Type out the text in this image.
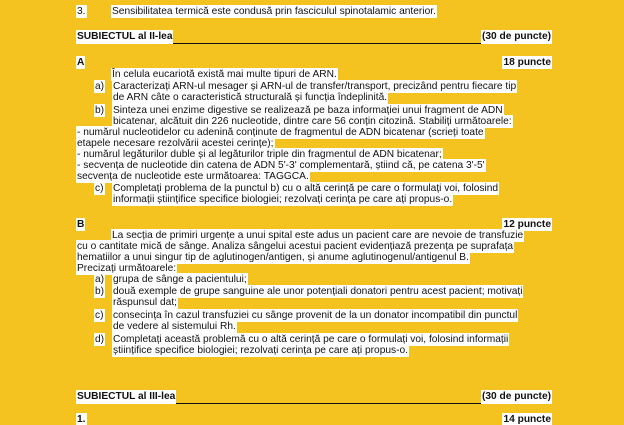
3.	Sensibilitatea termică este condusă prin fasciculul spinotalamic anterior.
SUBIECTUL al II-lea	(30 de puncte)
A	18 puncte
În celula eucariotă există mai multe tipuri de ARN.
a) Caracterizați ARN-ul mesager și ARN-ul de transfer/transport, precizând pentru fiecare tip
de ARN câte o caracteristică structurală și funcția îndeplinită.
b) Sinteza unei enzime digestive se realizează pe baza informației unui fragment de ADN
bicatenar, alcătuit din 226 nucleotide, dintre care 56 conțin citozină. Stabiliți următoarele:
- numărul nucleotidelor cu adenină conținute de fragmentul de ADN bicatenar (scrieți toate
etapele necesare rezolvării acestei cerințe);
- numărul legăturilor duble și al legăturilor triple din fragmentul de ADN bicatenar;
- secvența de nucleotide din catena de ADN 5'-3' complementară, știind că, pe catena 3'-5'
secvența de nucleotide este următoarea: TAGGCA.
c) Completați problema de la punctul b) cu o altă cerință pe care o formulați voi, folosind
informații științifice specifice biologiei; rezolvați cerința pe care ați propus-o.
B	12 puncte
La secția de primiri urgențe a unui spital este adus un pacient care are nevoie de transfuzie
cu o cantitate mică de sânge. Analiza sângelui acestui pacient evidențiază prezența pe suprafața
hematiilor a unui singur tip de aglutinogen/antigen, și anume aglutinogenul/antigenul B.
Precizați următoarele:
a) grupa de sânge a pacientului;
b) două exemple de grupe sanguine ale unor potențiali donatori pentru acest pacient; motivați
răspunsul dat;
c) consecința în cazul transfuziei cu sânge provenit de la un donator incompatibil din punctul
de vedere al sistemului Rh.
d) Completați această problemă cu o altă cerință pe care o formulați voi, folosind informații
științifice specifice biologiei; rezolvați cerința pe care ați propus-o.
SUBIECTUL al III-lea	(30 de puncte)
1.	14 puncte
